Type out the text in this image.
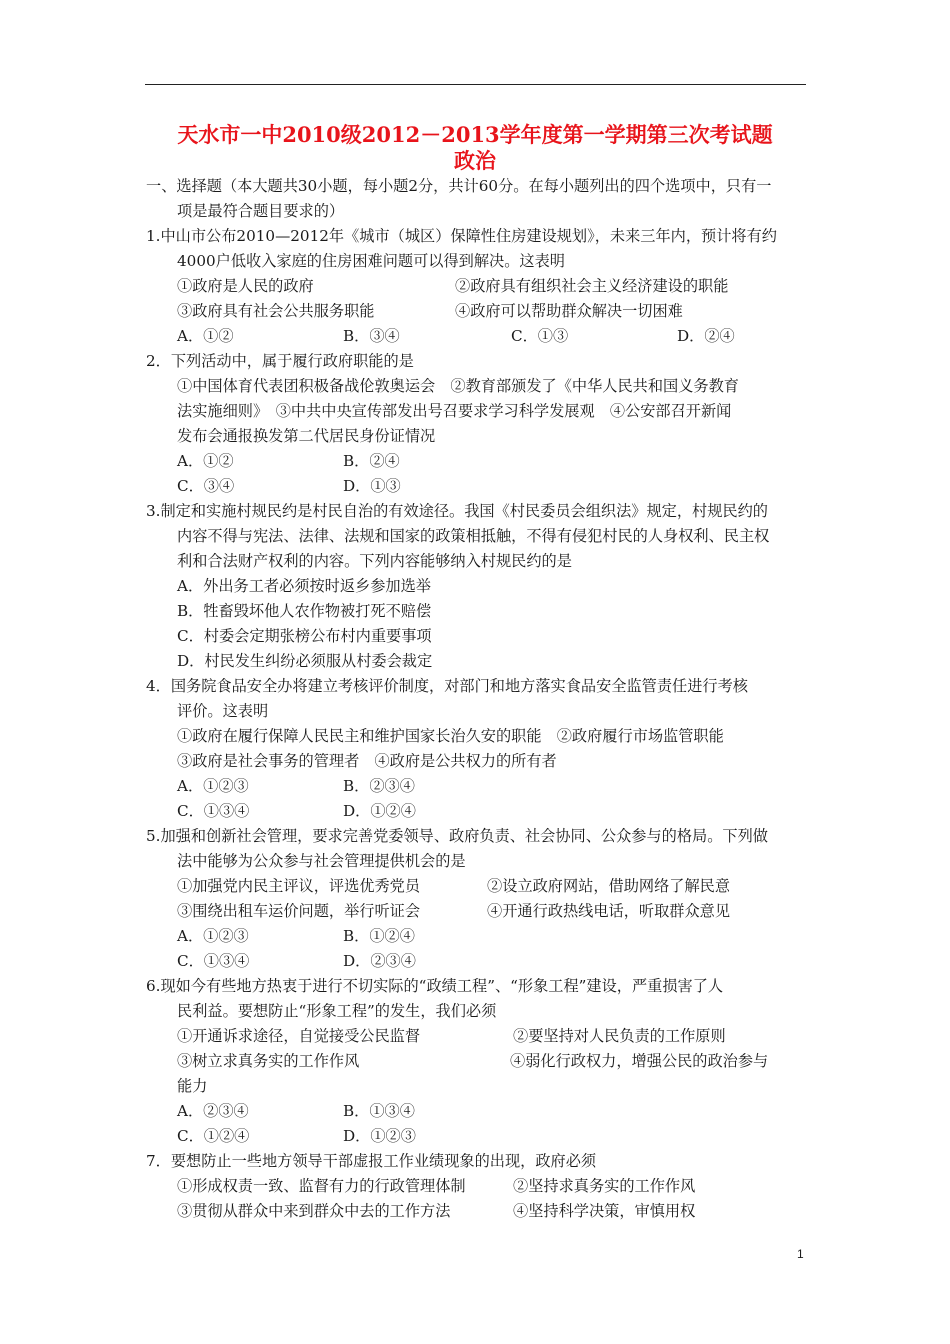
天水市一中2010级2012－2013学年度第一学期第三次考试题
政治
一、选择题（本大题共30小题，每小题2分，共计60分。在每小题列出的四个选项中，只有一
项是最符合题目要求的）
1.中山市公布2010—2012年《城市（城区）保障性住房建设规划》，未来三年内，预计将有约
4000户低收入家庭的住房困难问题可以得到解决。这表明
①政府是人民的政府	②政府具有组织社会主义经济建设的职能
③政府具有社会公共服务职能	④政府可以帮助群众解决一切困难
A．①②	B．③④	C．①③	D．②④
2．下列活动中，属于履行政府职能的是
①中国体育代表团积极备战伦敦奥运会　②教育部颁发了《中华人民共和国义务教育
法实施细则》　③中共中央宣传部发出号召要求学习科学发展观　④公安部召开新闻
发布会通报换发第二代居民身份证情况
A．①②	B．②④
C．③④	D．①③
3.制定和实施村规民约是村民自治的有效途径。我国《村民委员会组织法》规定，村规民约的
内容不得与宪法、法律、法规和国家的政策相抵触，不得有侵犯村民的人身权利、民主权
利和合法财产权利的内容。下列内容能够纳入村规民约的是
A．外出务工者必须按时返乡参加选举
B．牲畜毁坏他人农作物被打死不赔偿
C．村委会定期张榜公布村内重要事项
D．村民发生纠纷必须服从村委会裁定
4．国务院食品安全办将建立考核评价制度，对部门和地方落实食品安全监管责任进行考核
评价。这表明
①政府在履行保障人民民主和维护国家长治久安的职能　②政府履行市场监管职能
③政府是社会事务的管理者　④政府是公共权力的所有者
A．①②③	B．②③④
C．①③④	D．①②④
5.加强和创新社会管理，要求完善党委领导、政府负责、社会协同、公众参与的格局。下列做
法中能够为公众参与社会管理提供机会的是
①加强党内民主评议，评选优秀党员	②设立政府网站，借助网络了解民意
③围绕出租车运价问题，举行听证会	④开通行政热线电话，听取群众意见
A．①②③	B．①②④
C．①③④	D．②③④
6.现如今有些地方热衷于进行不切实际的“政绩工程”、“形象工程”建设，严重损害了人
民利益。要想防止“形象工程”的发生，我们必须
①开通诉求途径，自觉接受公民监督	②要坚持对人民负责的工作原则
③树立求真务实的工作作风	④弱化行政权力，增强公民的政治参与
能力
A．②③④	B．①③④
C．①②④	D．①②③
7．要想防止一些地方领导干部虚报工作业绩现象的出现，政府必须
①形成权责一致、监督有力的行政管理体制	②坚持求真务实的工作作风
③贯彻从群众中来到群众中去的工作方法	④坚持科学决策，审慎用权
1
